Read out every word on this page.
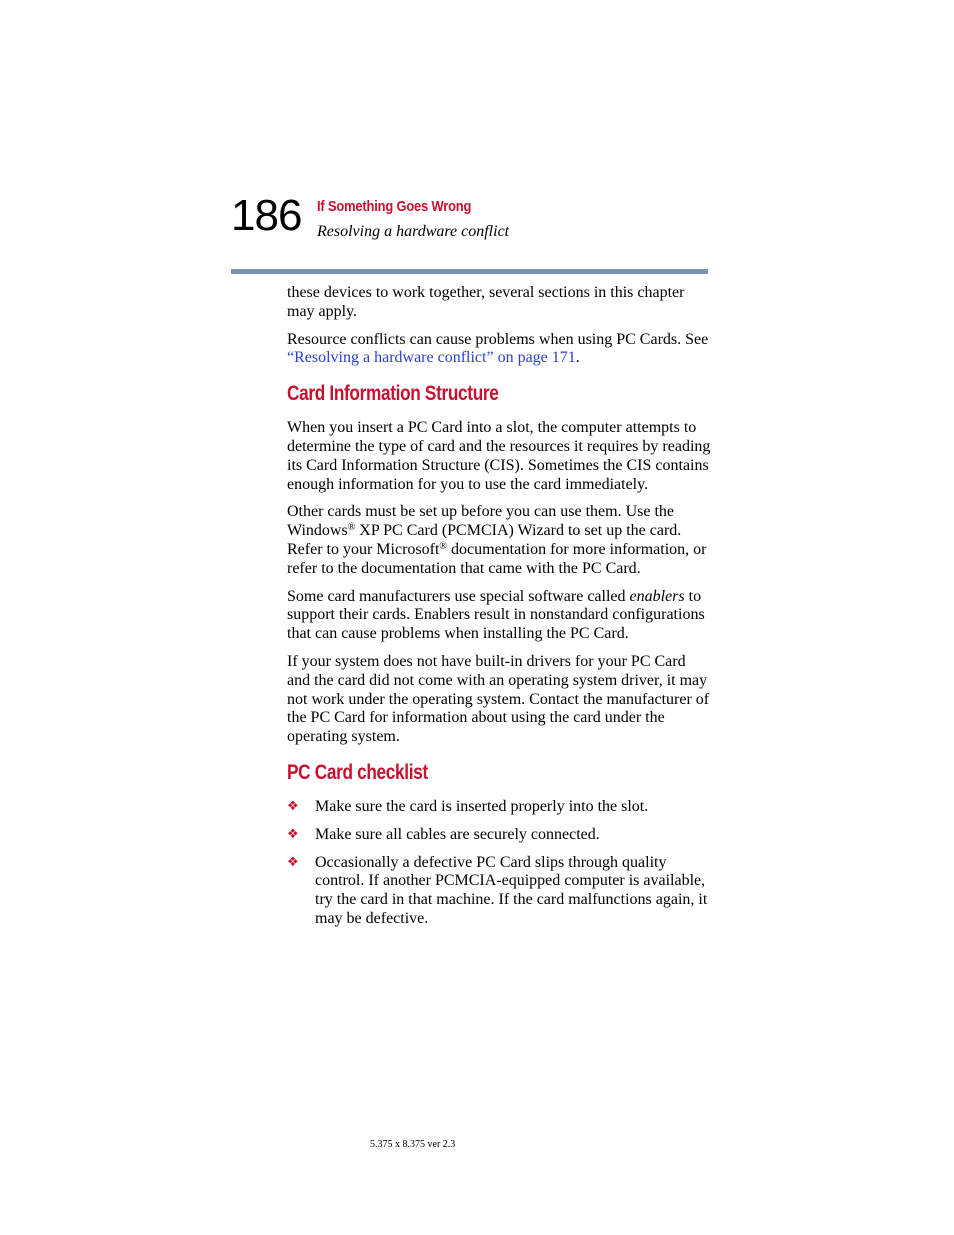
186 If Something Goes Wrong
Resolving a hardware conflict

these devices to work together, several sections in this chapter may apply.

Resource conflicts can cause problems when using PC Cards. See “Resolving a hardware conflict” on page 171.

Card Information Structure

When you insert a PC Card into a slot, the computer attempts to determine the type of card and the resources it requires by reading its Card Information Structure (CIS). Sometimes the CIS contains enough information for you to use the card immediately.

Other cards must be set up before you can use them. Use the Windows® XP PC Card (PCMCIA) Wizard to set up the card. Refer to your Microsoft® documentation for more information, or refer to the documentation that came with the PC Card.

Some card manufacturers use special software called enablers to support their cards. Enablers result in nonstandard configurations that can cause problems when installing the PC Card.

If your system does not have built-in drivers for your PC Card and the card did not come with an operating system driver, it may not work under the operating system. Contact the manufacturer of the PC Card for information about using the card under the operating system.

PC Card checklist
❖ Make sure the card is inserted properly into the slot.
❖ Make sure all cables are securely connected.
❖ Occasionally a defective PC Card slips through quality control. If another PCMCIA-equipped computer is available, try the card in that machine. If the card malfunctions again, it may be defective.
5.375 x 8.375 ver 2.3
